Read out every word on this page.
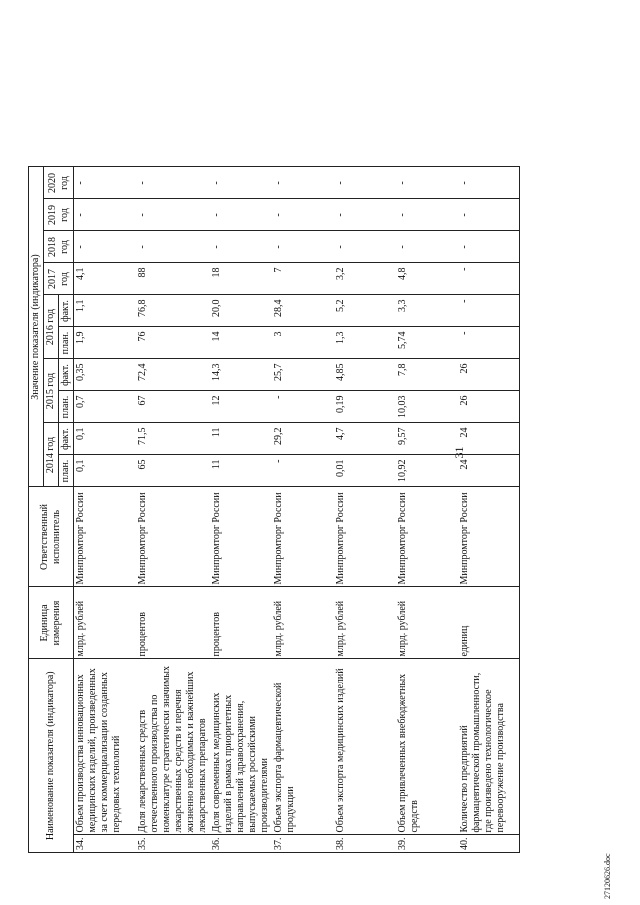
31
Наименование показателя (индикатора)		Единица измерения	Ответственный исполнитель	Значение показателя (индикатора)									
				2014 год		2015 год		2016 год		2017 год	2018 год	2019 год	2020 год
				план.	факт.	план.	факт.	план.	факт.				
34.	Объем производства инновационных медицинских изделий, произведенных за счет коммерциализации созданных передовых технологий	млрд. рублей	Минпромторг России	0,1	0,1	0,7	0,35	1,9	1,1	4,1	-	-	-
35.	Доля лекарственных средств отечественного производства по номенклатуре стратегически значимых лекарственных средств и перечня жизненно необходимых и важнейших лекарственных препаратов	процентов	Минпромторг России	65	71,5	67	72,4	76	76,8	88	-	-	-
36.	Доля современных медицинских изделий в рамках приоритетных направлений здравоохранения, выпускаемых российскими производителями	процентов	Минпромторг России	11	11	12	14,3	14	20,0	18	-	-	-
37.	Объем экспорта фармацевтической продукции	млрд. рублей	Минпромторг России	-	29,2	-	25,7	3	28,4	7	-	-	-
38.	Объем экспорта медицинских изделий	млрд. рублей	Минпромторг России	0,01	4,7	0,19	4,85	1,3	5,2	3,2	-	-	-
39.	Объем привлеченных внебюджетных средств	млрд. рублей	Минпромторг России	10,92	9,57	10,03	7,8	5,74	3,3	4,8	-	-	-
40.	Количество предприятий фармацевтической промышленности, где произведено технологическое перевооружение производства	единиц	Минпромторг России	24	24	26	26	-	-	-	-	-	-
27120626.doc
